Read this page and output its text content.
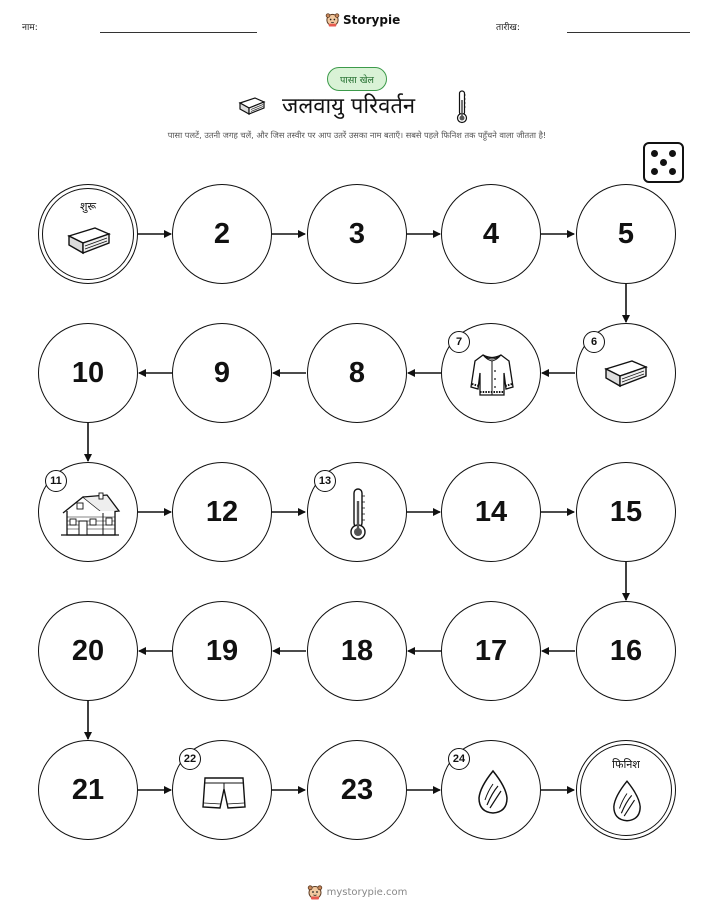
नाम:
Storypie
तारीख:
पासा खेल
जलवायु परिवर्तन
पासा पलटें, उतनी जगह चलें, और जिस तस्वीर पर आप उतरें उसका नाम बताएँ। सबसे पहले फिनिश तक पहुँचने वाला जीतता है!
शुरू
2	3	4	5
6
7
8
9
10
11
12
13
14	15
16
17
18
19
20
21
22
23
24	फिनिश
mystorypie.com
